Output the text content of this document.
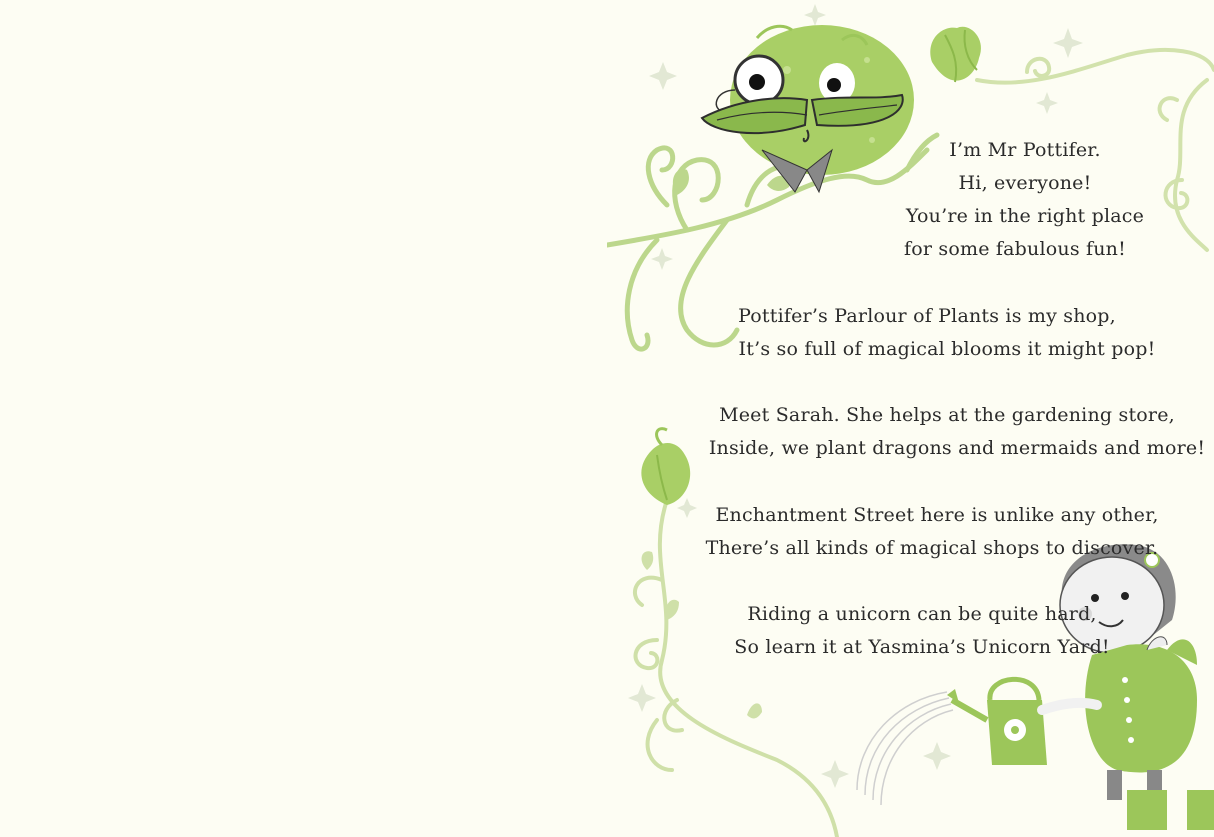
I’m Mr Pottifer.
Hi, everyone!
You’re in the right place
for some fabulous fun!
Pottifer’s Parlour of Plants is my shop,
It’s so full of magical blooms it might pop!
Meet Sarah. She helps at the gardening store,
Inside, we plant dragons and mermaids and more!
Enchantment Street here is unlike any other,
There’s all kinds of magical shops to discover.
Riding a unicorn can be quite hard,
So learn it at Yasmina’s Unicorn Yard!
